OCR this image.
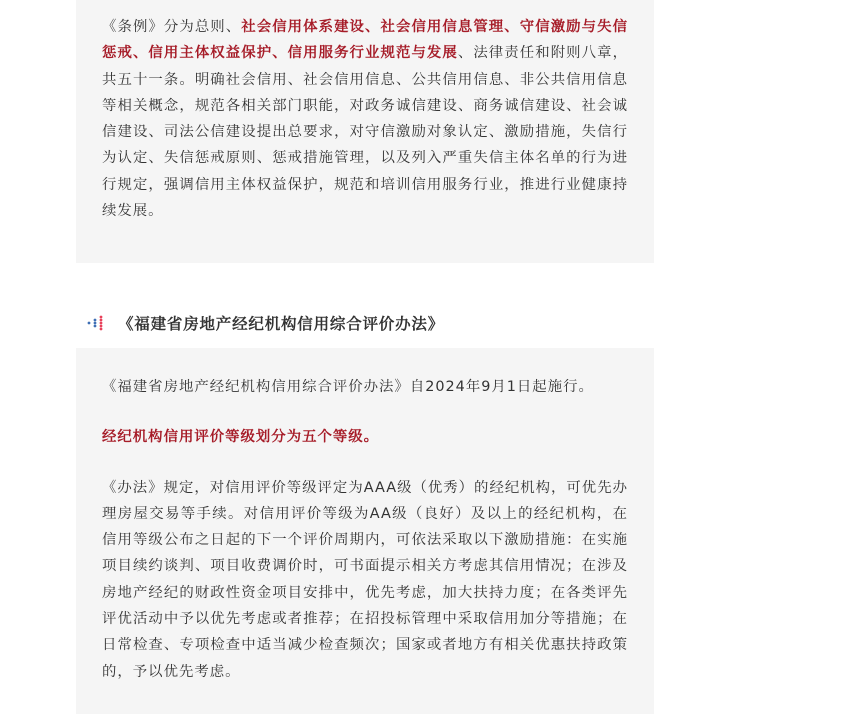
《条例》分为总则、社会信用体系建设、社会信用信息管理、守信激励与失信惩戒、信用主体权益保护、信用服务行业规范与发展、法律责任和附则八章，共五十一条。明确社会信用、社会信用信息、公共信用信息、非公共信用信息等相关概念，规范各相关部门职能，对政务诚信建设、商务诚信建设、社会诚信建设、司法公信建设提出总要求，对守信激励对象认定、激励措施，失信行为认定、失信惩戒原则、惩戒措施管理，以及列入严重失信主体名单的行为进行规定，强调信用主体权益保护，规范和培训信用服务行业，推进行业健康持续发展。

《福建省房地产经纪机构信用综合评价办法》

《福建省房地产经纪机构信用综合评价办法》自2024年9月1日起施行。

经纪机构信用评价等级划分为五个等级。

《办法》规定，对信用评价等级评定为AAA级（优秀）的经纪机构，可优先办理房屋交易等手续。对信用评价等级为AA级（良好）及以上的经纪机构，在信用等级公布之日起的下一个评价周期内，可依法采取以下激励措施：在实施项目续约谈判、项目收费调价时，可书面提示相关方考虑其信用情况；在涉及房地产经纪的财政性资金项目安排中，优先考虑，加大扶持力度；在各类评先评优活动中予以优先考虑或者推荐；在招投标管理中采取信用加分等措施；在日常检查、专项检查中适当减少检查频次；国家或者地方有相关优惠扶持政策的，予以优先考虑。
